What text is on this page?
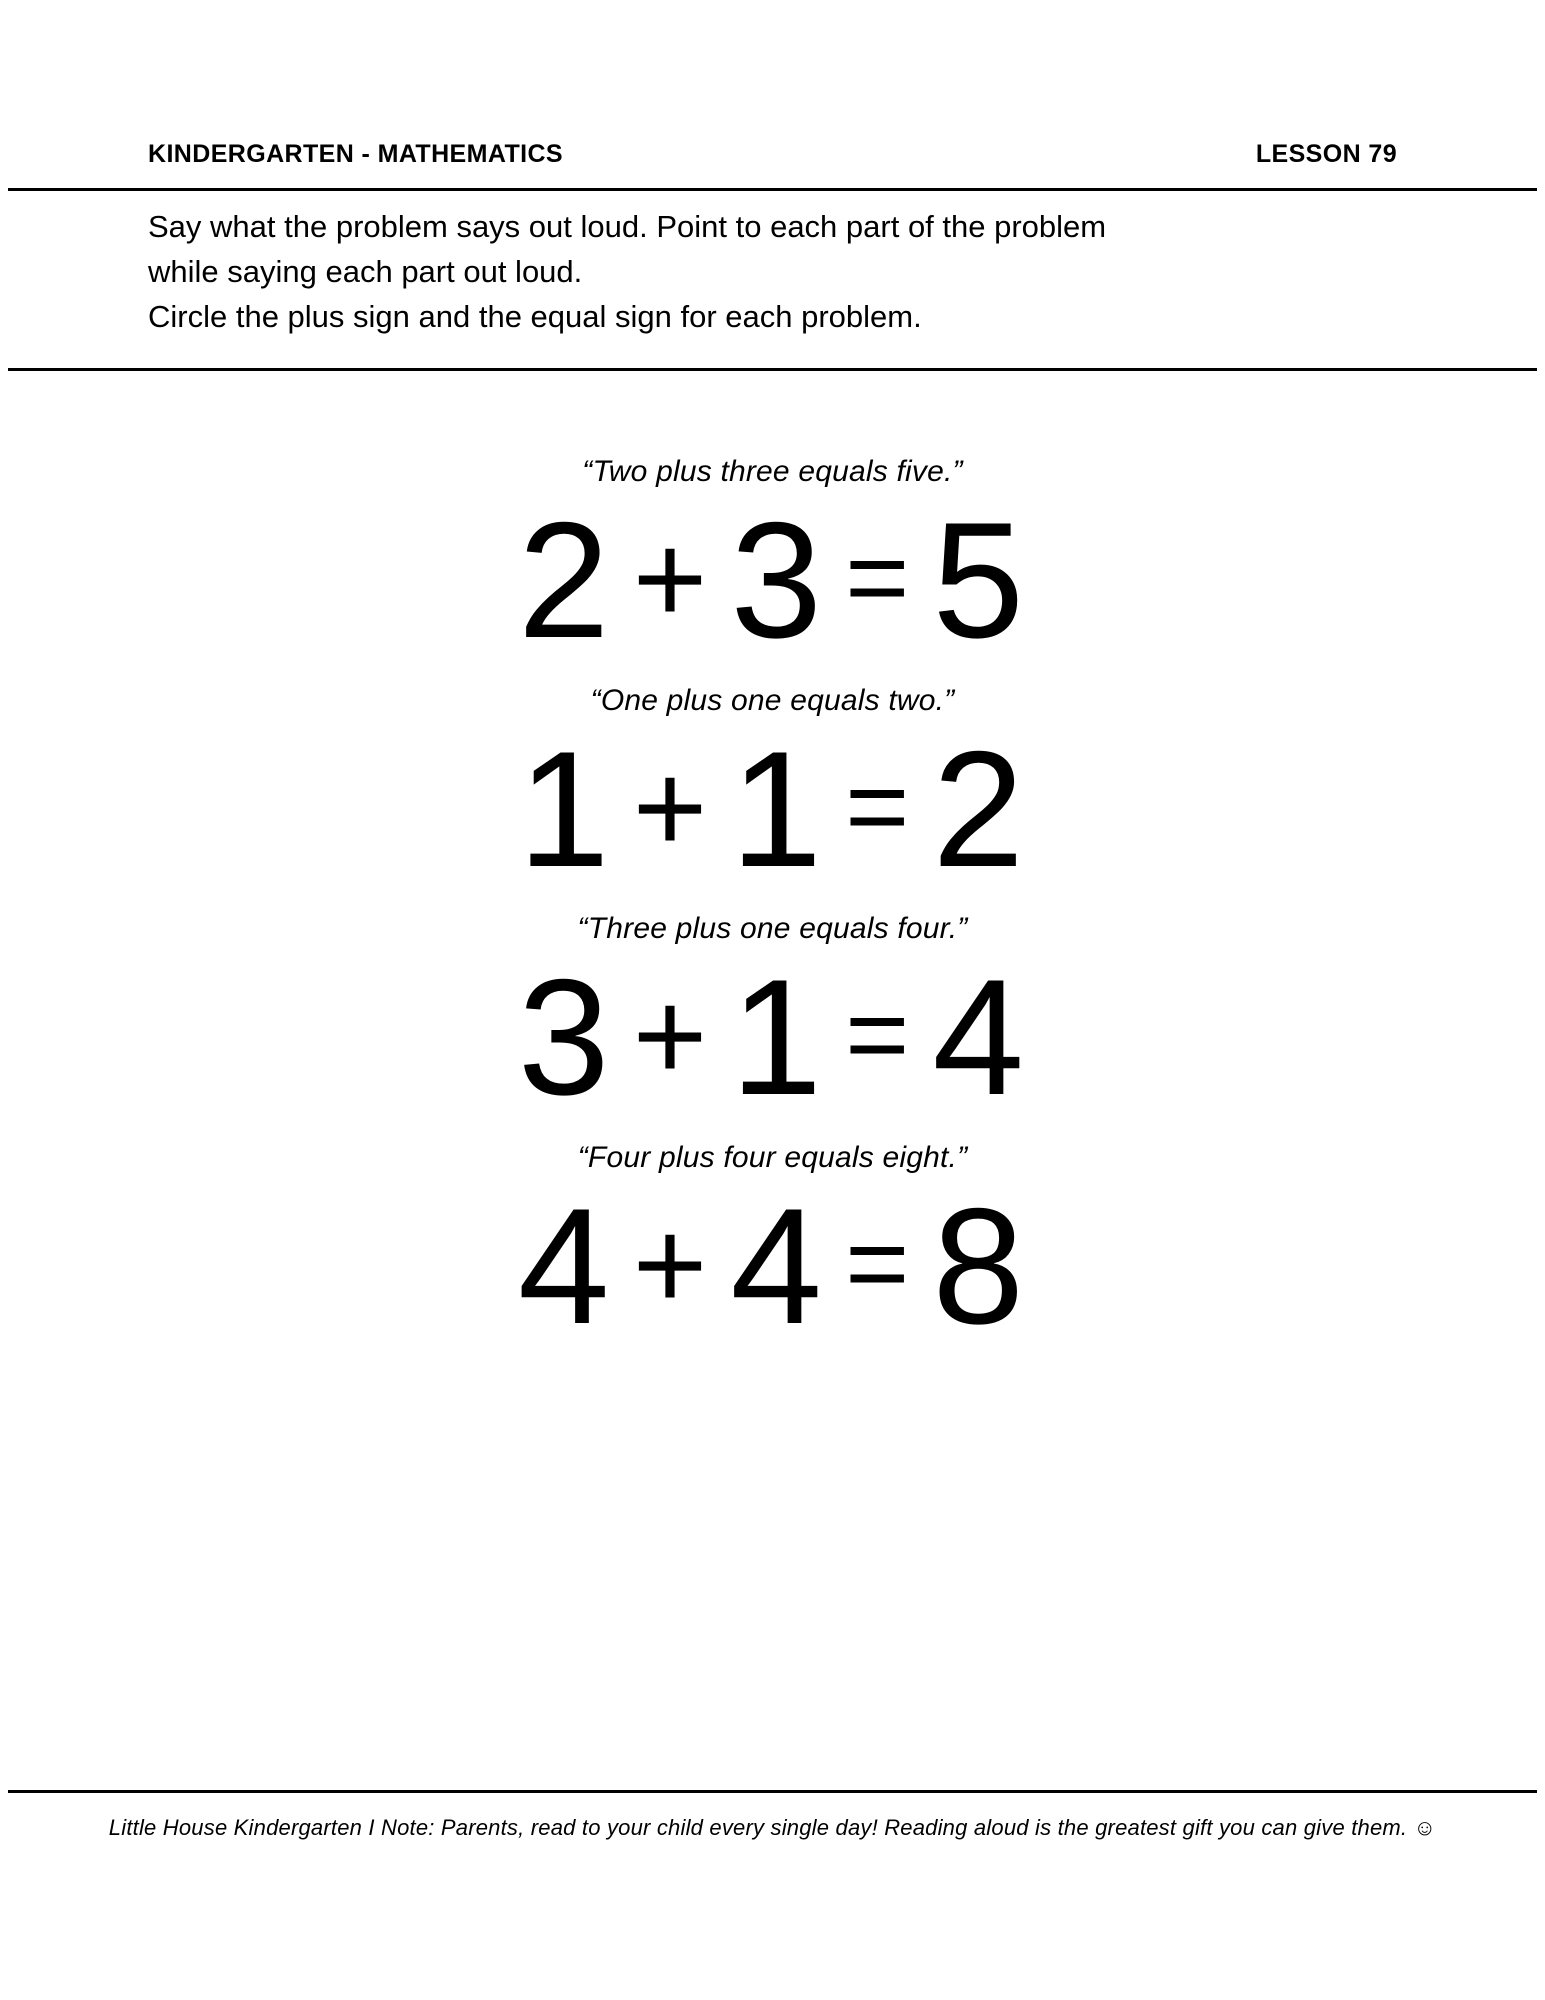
KINDERGARTEN - MATHEMATICS	LESSON 79

Say what the problem says out loud. Point to each part of the problem

while saying each part out loud.

Circle the plus sign and the equal sign for each problem.

“Two plus three equals five.”
2 + 3 = 5
“One plus one equals two.”
1 + 1 = 2
“Three plus one equals four.”
3 + 1 = 4
“Four plus four equals eight.”
4 + 4 = 8
Little House Kindergarten I Note: Parents, read to your child every single day! Reading aloud is the greatest gift you can give them. ☺
